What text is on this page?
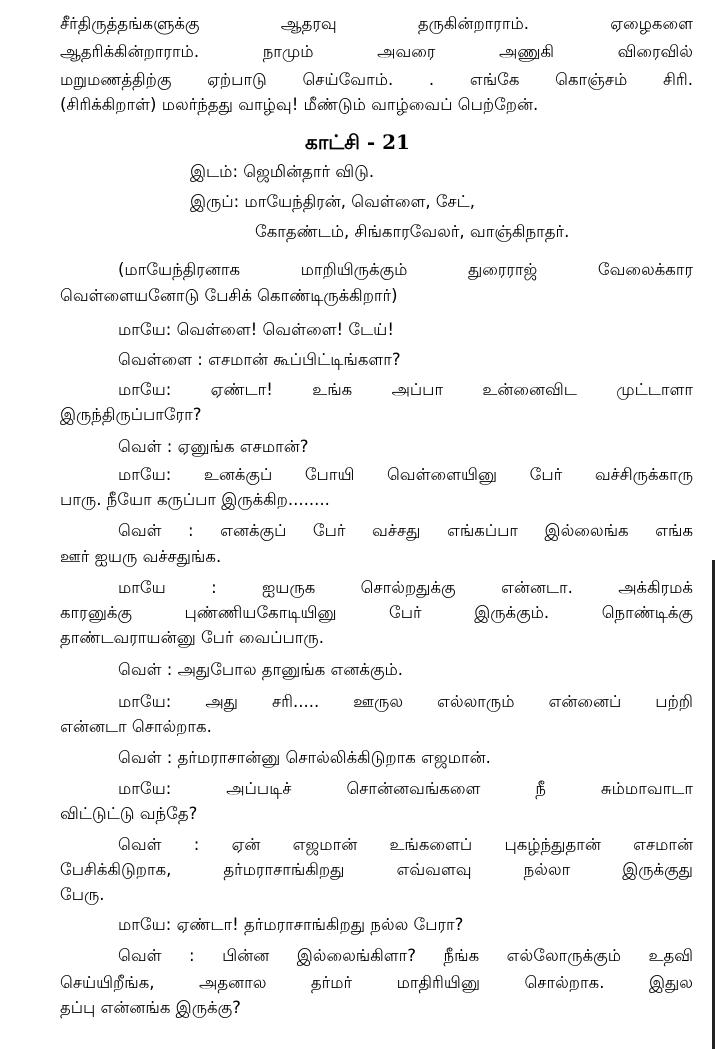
சீர்திருத்தங்களுக்கு ஆதரவு தருகின்றாராம். ஏழைகளை
ஆதரிக்கின்றாராம். நாமும் அவரை அணுகி விரைவில்
மறுமணத்திற்கு ஏற்பாடு செய்வோம். . எங்கே கொஞ்சம் சிரி.
(சிரிக்கிறாள்) மலர்ந்தது வாழ்வு! மீண்டும் வாழ்வைப் பெற்றேன்.
காட்சி - 21
இடம்: ஜெமின்தார் விடு.
இருப்: மாயேந்திரன், வெள்ளை, சேட்,
கோதண்டம், சிங்காரவேலர், வாஞ்கிநாதர்.
(மாயேந்திரனாக மாறியிருக்கும் துரைராஜ் வேலைக்கார
வெள்ளையனோடு பேசிக் கொண்டிருக்கிறார்)
மாயே: வெள்ளை! வெள்ளை! டேய்!
வெள்ளை : எசமான் கூப்பிட்டிங்களா?
மாயே: ஏண்டா! உங்க அப்பா உன்னைவிட முட்டாளா
இருந்திருப்பாரோ?
வெள் : ஏனுங்க எசமான்?
மாயே: உனக்குப் போயி வெள்ளையினு பேர் வச்சிருக்காரு
பாரு. நீயோ கருப்பா இருக்கிற........
வெள் : எனக்குப் பேர் வச்சது எங்கப்பா இல்லைங்க எங்க
ஊர் ஐயரு வச்சதுங்க.
மாயே : ஐயருக சொல்றதுக்கு என்னடா. அக்கிரமக்
காரனுக்கு புண்ணியகோடியினு பேர் இருக்கும். நொண்டிக்கு
தாண்டவராயன்னு பேர் வைப்பாரு.
வெள் : அதுபோல தானுங்க எனக்கும்.
மாயே: அது சரி..... ஊருல எல்லாரும் என்னைப் பற்றி
என்னடா சொல்றாக.
வெள் : தர்மராசான்னு சொல்லிக்கிடுறாக எஜமான்.
மாயே: அப்படிச் சொன்னவங்களை நீ சும்மாவாடா
விட்டுட்டு வந்தே?
வெள் : ஏன் எஜமான் உங்களைப் புகழ்ந்துதான் எசமான்
பேசிக்கிடுறாக, தர்மராசாங்கிறது எவ்வளவு நல்லா இருக்குது
பேரு.
மாயே: ஏண்டா! தர்மராசாங்கிறது நல்ல பேரா?
வெள் : பின்ன இல்லைங்கிளா? நீங்க எல்லோருக்கும் உதவி
செய்யிறீங்க, அதனால தர்மர் மாதிரியினு சொல்றாக. இதுல
தப்பு என்னங்க இருக்கு?
